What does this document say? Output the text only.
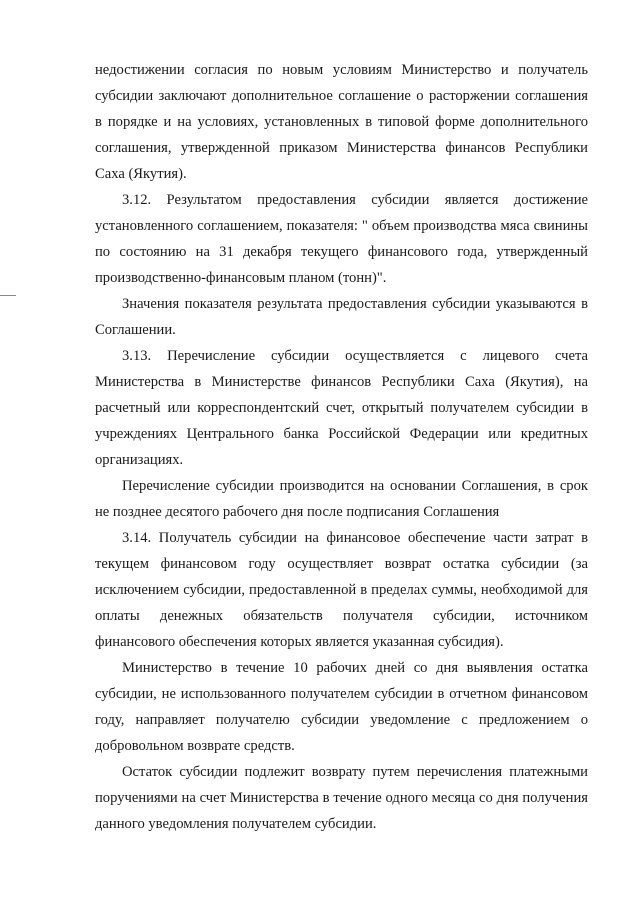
недостижении согласия по новым условиям Министерство и получатель
субсидии заключают дополнительное соглашение о расторжении соглашения
в порядке и на условиях, установленных в типовой форме дополнительного
соглашения, утвержденной приказом Министерства финансов Республики
Саха (Якутия).
3.12. Результатом предоставления субсидии является достижение
установленного соглашением, показателя: " объем производства мяса свинины
по состоянию на 31 декабря текущего финансового года, утвержденный
производственно-финансовым планом (тонн)".
Значения показателя результата предоставления субсидии указываются в
Соглашении.
3.13. Перечисление субсидии осуществляется с лицевого счета
Министерства в Министерстве финансов Республики Саха (Якутия), на
расчетный или корреспондентский счет, открытый получателем субсидии в
учреждениях Центрального банка Российской Федерации или кредитных
организациях.
Перечисление субсидии производится на основании Соглашения, в срок
не позднее десятого рабочего дня после подписания Соглашения
3.14. Получатель субсидии на финансовое обеспечение части затрат в
текущем финансовом году осуществляет возврат остатка субсидии (за
исключением субсидии, предоставленной в пределах суммы, необходимой для
оплаты денежных обязательств получателя субсидии, источником
финансового обеспечения которых является указанная субсидия).
Министерство в течение 10 рабочих дней со дня выявления остатка
субсидии, не использованного получателем субсидии в отчетном финансовом
году, направляет получателю субсидии уведомление с предложением о
добровольном возврате средств.
Остаток субсидии подлежит возврату путем перечисления платежными
поручениями на счет Министерства в течение одного месяца со дня получения
данного уведомления получателем субсидии.
